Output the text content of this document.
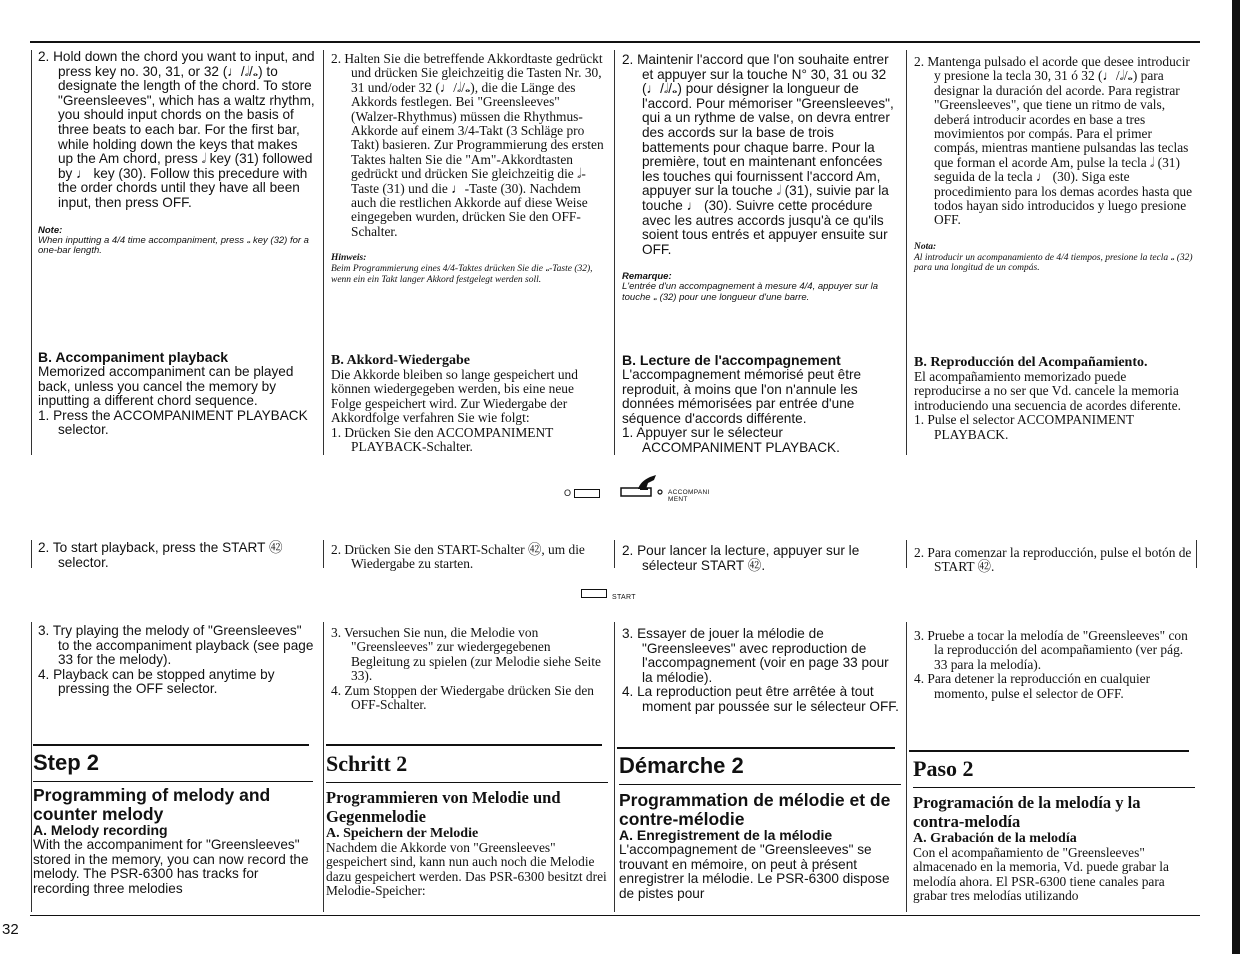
2. Hold down the chord you want to input, and press key no. 30, 31, or 32 (♩/𝅗𝅥/𝅝) to designate the length of the chord. To store "Greensleeves", which has a waltz rhythm, you should input chords on the basis of three beats to each bar. For the first bar, while holding down the keys that makes up the Am chord, press 𝅗𝅥 key (31) followed by ♩ key (30). Follow this precedure with the order chords until they have all been input, then press OFF.
Note:
When inputting a 4/4 time accompaniment, press 𝅝 key (32) for a one-bar length.
B. Accompaniment playback
Memorized accompaniment can be played back, unless you cancel the memory by inputting a different chord sequence.
1. Press the ACCOMPANIMENT PLAYBACK selector.
2. To start playback, press the START ㊷ selector.
3. Try playing the melody of "Greensleeves" to the accompaniment playback (see page 33 for the melody).
4. Playback can be stopped anytime by pressing the OFF selector.
Step 2
Programming of melody and counter melody
A. Melody recording
With the accompaniment for "Greensleeves" stored in the memory, you can now record the melody. The PSR-6300 has tracks for recording three melodies
2. Halten Sie die betreffende Akkordtaste gedrückt und drücken Sie gleichzeitig die Tasten Nr. 30, 31 und/oder 32 (♩/𝅗𝅥/𝅝), die die Länge des Akkords festlegen. Bei "Greensleeves" (Walzer-Rhythmus) müssen die Rhythmus-Akkorde auf einem 3/4-Takt (3 Schläge pro Takt) basieren. Zur Programmierung des ersten Taktes halten Sie die "Am"-Akkordtasten gedrückt und drücken Sie gleichzeitig die 𝅗𝅥-Taste (31) und die ♩-Taste (30). Nachdem auch die restlichen Akkorde auf diese Weise eingegeben wurden, drücken Sie den OFF-Schalter.
Hinweis:
Beim Programmierung eines 4/4-Taktes drücken Sie die 𝅝-Taste (32), wenn ein ein Takt langer Akkord festgelegt werden soll.
B. Akkord-Wiedergabe
Die Akkorde bleiben so lange gespeichert und können wiedergegeben werden, bis eine neue Folge gespeichert wird. Zur Wiedergabe der Akkordfolge verfahren Sie wie folgt:
1. Drücken Sie den ACCOMPANIMENT PLAYBACK-Schalter.
2. Drücken Sie den START-Schalter ㊷, um die Wiedergabe zu starten.
3. Versuchen Sie nun, die Melodie von "Greensleeves" zur wiedergegebenen Begleitung zu spielen (zur Melodie siehe Seite 33).
4. Zum Stoppen der Wiedergabe drücken Sie den OFF-Schalter.
Schritt 2
Programmieren von Melodie und Gegenmelodie
A. Speichern der Melodie
Nachdem die Akkorde von "Greensleeves" gespeichert sind, kann nun auch noch die Melodie dazu gespeichert werden. Das PSR-6300 besitzt drei Melodie-Speicher:
2. Maintenir l'accord que l'on souhaite entrer et appuyer sur la touche N° 30, 31 ou 32 (♩/𝅗𝅥/𝅝) pour désigner la longueur de l'accord. Pour mémoriser "Greensleeves", qui a un rythme de valse, on devra entrer des accords sur la base de trois battements pour chaque barre. Pour la première, tout en maintenant enfoncées les touches qui fournissent l'accord Am, appuyer sur la touche 𝅗𝅥 (31), suivie par la touche ♩ (30). Suivre cette procédure avec les autres accords jusqu'à ce qu'ils soient tous entrés et appuyer ensuite sur OFF.
Remarque:
L'entrée d'un accompagnement à mesure 4/4, appuyer sur la touche 𝅝 (32) pour une longueur d'une barre.
B. Lecture de l'accompagnement
L'accompagnement mémorisé peut être reproduit, à moins que l'on n'annule les données mémorisées par entrée d'une séquence d'accords différente.
1. Appuyer sur le sélecteur ACCOMPANIMENT PLAYBACK.
2. Pour lancer la lecture, appuyer sur le sélecteur START ㊷.
3. Essayer de jouer la mélodie de "Greensleeves" avec reproduction de l'accompagnement (voir en page 33 pour la mélodie).
4. La reproduction peut être arrêtée à tout moment par poussée sur le sélecteur OFF.
Démarche 2
Programmation de mélodie et de contre-mélodie
A. Enregistrement de la mélodie
L'accompagnement de "Greensleeves" se trouvant en mémoire, on peut à présent enregistrer la mélodie. Le PSR-6300 dispose de pistes pour
2. Mantenga pulsado el acorde que desee introducir y presione la tecla 30, 31 ó 32 (♩/𝅗𝅥/𝅝) para designar la duración del acorde. Para registrar "Greensleeves", que tiene un ritmo de vals, deberá introducir acordes en base a tres movimientos por compás. Para el primer compás, mientras mantiene pulsandas las teclas que forman el acorde Am, pulse la tecla 𝅗𝅥 (31) seguida de la tecla ♩ (30). Siga este procedimiento para los demas acordes hasta que todos hayan sido introducidos y luego presione OFF.
Nota:
Al introducir un acompanamiento de 4/4 tiempos, presione la tecla 𝅝 (32) para una longitud de un compás.
B. Reproducción del Acompañamiento.
El acompañamiento memorizado puede reproducirse a no ser que Vd. cancele la memoria introduciendo una secuencia de acordes diferente.
1. Pulse el selector ACCOMPANIMENT PLAYBACK.
2. Para comenzar la reproducción, pulse el botón de START ㊷.
3. Pruebe a tocar la melodía de "Greensleeves" con la reproducción del acompañamiento (ver pág. 33 para la melodía).
4. Para detener la reproducción en cualquier momento, pulse el selector de OFF.
Paso 2
Programación de la melodía y la contra-melodía
A. Grabación de la melodía
Con el acompañamiento de "Greensleeves" almacenado en la memoria, Vd. puede grabar la melodía ahora. El PSR-6300 tiene canales para grabar tres melodías utilizando
O	ACCOMPANI MENT
START
32
